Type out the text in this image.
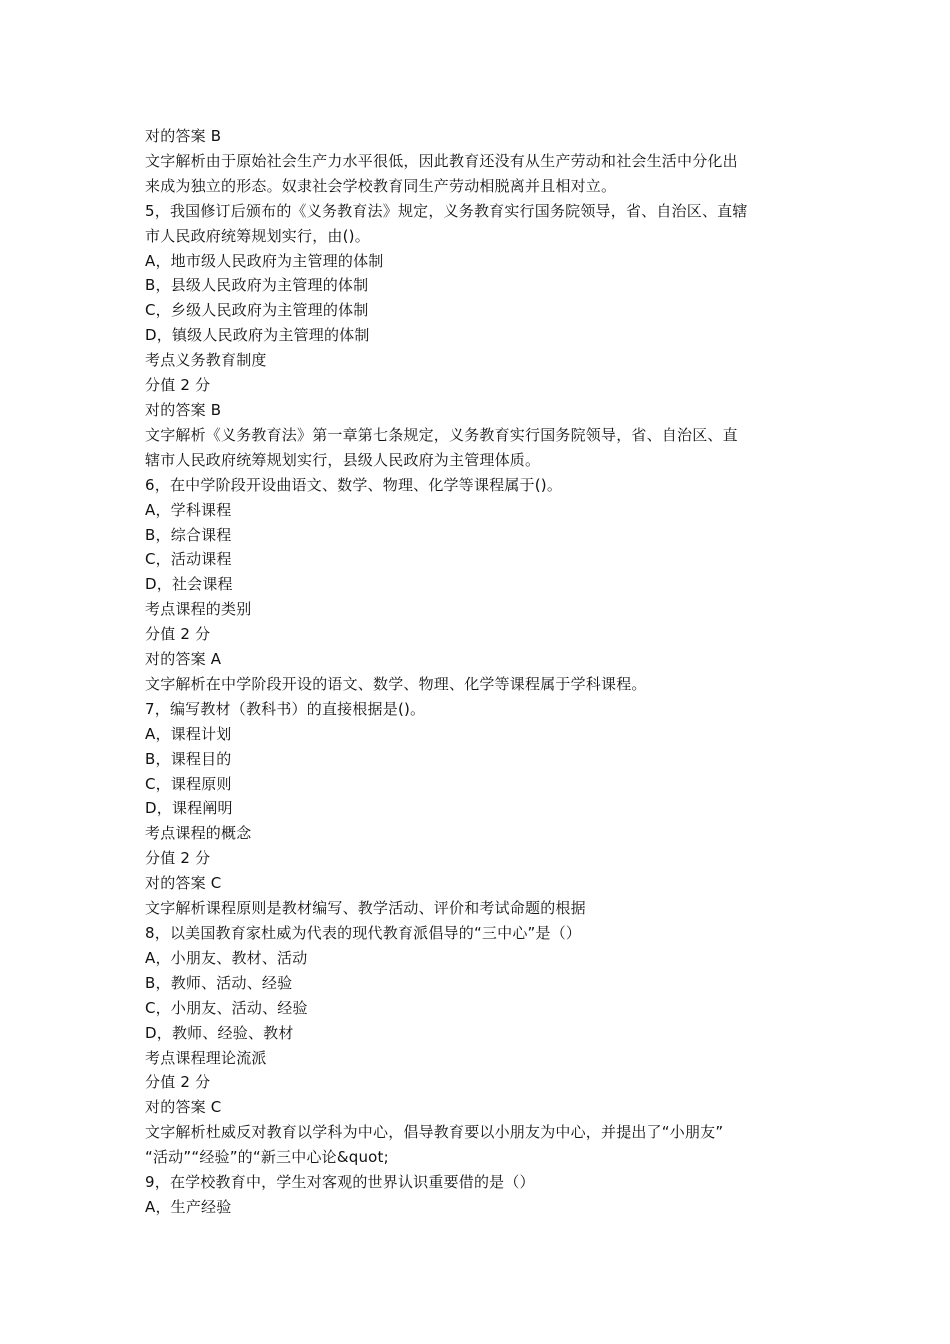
对的答案 B
文字解析由于原始社会生产力水平很低，因此教育还没有从生产劳动和社会生活中分化出
来成为独立的形态。奴隶社会学校教育同生产劳动相脱离并且相对立。
5，我国修订后颁布的《义务教育法》规定，义务教育实行国务院领导，省、自治区、直辖
市人民政府统筹规划实行，由()。
A，地市级人民政府为主管理的体制
B，县级人民政府为主管理的体制
C，乡级人民政府为主管理的体制
D，镇级人民政府为主管理的体制
考点义务教育制度
分值 2 分
对的答案 B
文字解析《义务教育法》第一章第七条规定，义务教育实行国务院领导，省、自治区、直
辖市人民政府统筹规划实行，县级人民政府为主管理体质。
6，在中学阶段开设曲语文、数学、物理、化学等课程属于()。
A，学科课程
B，综合课程
C，活动课程
D，社会课程
考点课程的类别
分值 2 分
对的答案 A
文字解析在中学阶段开设的语文、数学、物理、化学等课程属于学科课程。
7，编写教材（教科书）的直接根据是()。
A，课程计划
B，课程目的
C，课程原则
D，课程阐明
考点课程的概念
分值 2 分
对的答案 C
文字解析课程原则是教材编写、教学活动、评价和考试命题的根据
8，以美国教育家杜威为代表的现代教育派倡导的“三中心”是（）
A，小朋友、教材、活动
B，教师、活动、经验
C，小朋友、活动、经验
D，教师、经验、教材
考点课程理论流派
分值 2 分
对的答案 C
文字解析杜威反对教育以学科为中心，倡导教育要以小朋友为中心，并提出了“小朋友”
“活动”“经验”的“新三中心论&quot;
9，在学校教育中，学生对客观的世界认识重要借的是（）
A，生产经验
